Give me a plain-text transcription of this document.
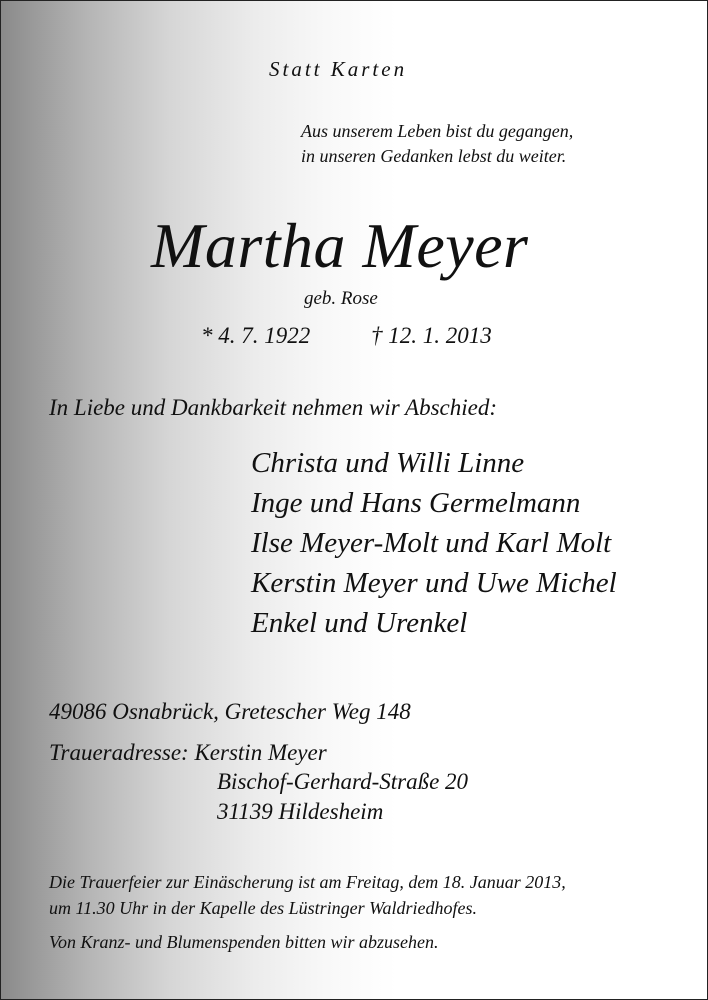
Statt Karten
Aus unserem Leben bist du gegangen,
in unseren Gedanken lebst du weiter.
Martha Meyer
geb. Rose
* 4. 7. 1922	† 12. 1. 2013
In Liebe und Dankbarkeit nehmen wir Abschied:
Christa und Willi Linne
Inge und Hans Germelmann
Ilse Meyer-Molt und Karl Molt
Kerstin Meyer und Uwe Michel
Enkel und Urenkel
49086 Osnabrück, Gretescher Weg 148
Traueradresse: Kerstin Meyer
Bischof-Gerhard-Straße 20
31139 Hildesheim
Die Trauerfeier zur Einäscherung ist am Freitag, dem 18. Januar 2013,
um 11.30 Uhr in der Kapelle des Lüstringer Waldriedhofes.
Von Kranz- und Blumenspenden bitten wir abzusehen.
